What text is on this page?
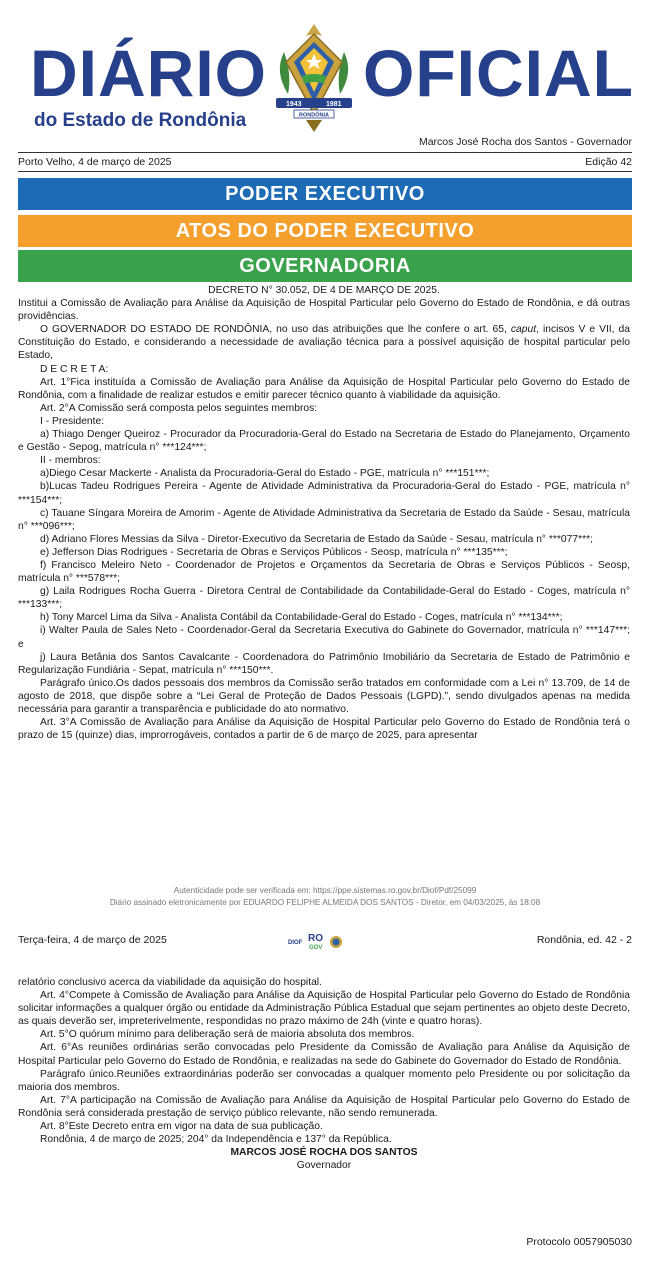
DIÁRIO	1943	1981
RONDÔNIA
OFICIAL
do Estado de Rondônia
Marcos José Rocha dos Santos - Governador
Porto Velho, 4 de março de 2025	Edição 42
PODER EXECUTIVO
ATOS DO PODER EXECUTIVO
GOVERNADORIA

DECRETO N° 30.052, DE 4 DE MARÇO DE 2025.

Institui a Comissão de Avaliação para Análise da Aquisição de Hospital Particular pelo Governo do Estado de Rondônia, e dá outras providências.

O GOVERNADOR DO ESTADO DE RONDÔNIA, no uso das atribuições que lhe confere o art. 65, caput, incisos V e VII, da Constituição do Estado, e considerando a necessidade de avaliação técnica para a possível aquisição de hospital particular pelo Estado,

D E C R E T A:

Art. 1°Fica instituída a Comissão de Avaliação para Análise da Aquisição de Hospital Particular pelo Governo do Estado de Rondônia, com a finalidade de realizar estudos e emitir parecer técnico quanto à viabilidade da aquisição.

Art. 2°A Comissão será composta pelos seguintes membros:

I - Presidente:

a) Thiago Denger Queiroz - Procurador da Procuradoria-Geral do Estado na Secretaria de Estado do Planejamento, Orçamento e Gestão - Sepog, matrícula n° ***124***;

II - membros:

a)Diego Cesar Mackerte - Analista da Procuradoria-Geral do Estado - PGE, matrícula n° ***151***;

b)Lucas Tadeu Rodrigues Pereira - Agente de Atividade Administrativa da Procuradoria-Geral do Estado - PGE, matrícula n° ***154***;

c) Tauane Síngara Moreira de Amorim - Agente de Atividade Administrativa da Secretaria de Estado da Saúde - Sesau, matrícula n° ***096***;

d) Adriano Flores Messias da Silva - Diretor-Executivo da Secretaria de Estado da Saúde - Sesau, matrícula n° ***077***;

e) Jefferson Dias Rodrigues - Secretaria de Obras e Serviços Públicos - Seosp, matrícula n° ***135***;

f) Francisco Meleiro Neto - Coordenador de Projetos e Orçamentos da Secretaria de Obras e Serviços Públicos - Seosp, matrícula n° ***578***;

g) Laila Rodrigues Rocha Guerra - Diretora Central de Contabilidade da Contabilidade-Geral do Estado - Coges, matrícula n° ***133***;

h) Tony Marcel Lima da Silva - Analista Contábil da Contabilidade-Geral do Estado - Coges, matrícula n° ***134***;

i) Walter Paula de Sales Neto - Coordenador-Geral da Secretaria Executiva do Gabinete do Governador, matrícula n° ***147***; e

j) Laura Betânia dos Santos Cavalcante - Coordenadora do Patrimônio Imobiliário da Secretaria de Estado de Patrimônio e Regularização Fundiária - Sepat, matrícula n° ***150***.

Parágrafo único.Os dados pessoais dos membros da Comissão serão tratados em conformidade com a Lei n° 13.709, de 14 de agosto de 2018, que dispõe sobre a “Lei Geral de Proteção de Dados Pessoais (LGPD).”, sendo divulgados apenas na medida necessária para garantir a transparência e publicidade do ato normativo.

Art. 3°A Comissão de Avaliação para Análise da Aquisição de Hospital Particular pelo Governo do Estado de Rondônia terá o prazo de 15 (quinze) dias, improrrogáveis, contados a partir de 6 de março de 2025, para apresentar

Autenticidade pode ser verificada em: https://ppe.sistemas.ro.gov.br/Diof/Pdf/25099
Diário assinado eletronicamente por EDUARDO FELIPHE ALMEIDA DOS SANTOS - Diretor, em 04/03/2025, às 18:08
Terça-feira, 4 de março de 2025	Rondônia, ed. 42 - 2
DIOF RO
GOV

relatório conclusivo acerca da viabilidade da aquisição do hospital.

Art. 4°Compete à Comissão de Avaliação para Análise da Aquisição de Hospital Particular pelo Governo do Estado de Rondônia solicitar informações a qualquer órgão ou entidade da Administração Pública Estadual que sejam pertinentes ao objeto deste Decreto, as quais deverão ser, impreterivelmente, respondidas no prazo máximo de 24h (vinte e quatro horas).

Art. 5°O quórum mínimo para deliberação será de maioria absoluta dos membros.

Art. 6°As reuniões ordinárias serão convocadas pelo Presidente da Comissão de Avaliação para Análise da Aquisição de Hospital Particular pelo Governo do Estado de Rondônia, e realizadas na sede do Gabinete do Governador do Estado de Rondônia.

Parágrafo único.Reuniões extraordinárias poderão ser convocadas a qualquer momento pelo Presidente ou por solicitação da maioria dos membros.

Art. 7°A participação na Comissão de Avaliação para Análise da Aquisição de Hospital Particular pelo Governo do Estado de Rondônia será considerada prestação de serviço público relevante, não sendo remunerada.

Art. 8°Este Decreto entra em vigor na data de sua publicação.

Rondônia, 4 de março de 2025; 204° da Independência e 137° da República.

MARCOS JOSÉ ROCHA DOS SANTOS

Governador

Protocolo 0057905030
